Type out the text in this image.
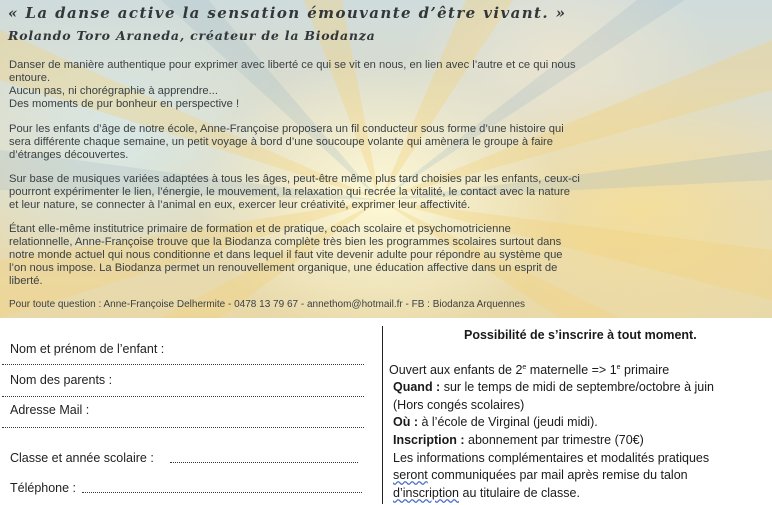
« La danse active la sensation émouvante d’être vivant. »
Rolando Toro Araneda, créateur de la Biodanza
Danser de manière authentique pour exprimer avec liberté ce qui se vit en nous, en lien avec l’autre et ce qui nous
entoure.
Aucun pas, ni chorégraphie à apprendre...
Des moments de pur bonheur en perspective !
Pour les enfants d’âge de notre école, Anne-Françoise proposera un fil conducteur sous forme d’une histoire qui
sera différente chaque semaine, un petit voyage à bord d’une soucoupe volante qui amènera le groupe à faire
d’étranges découvertes.
Sur base de musiques variées adaptées à tous les âges, peut-être même plus tard choisies par les enfants, ceux-ci
pourront expérimenter le lien, l’énergie, le mouvement, la relaxation qui recrée la vitalité, le contact avec la nature
et leur nature, se connecter à l’animal en eux, exercer leur créativité, exprimer leur affectivité.
Étant elle-même institutrice primaire de formation et de pratique, coach scolaire et psychomotricienne
relationnelle, Anne-Françoise trouve que la Biodanza complète très bien les programmes scolaires surtout dans
notre monde actuel qui nous conditionne et dans lequel il faut vite devenir adulte pour répondre au système que
l’on nous impose. La Biodanza permet un renouvellement organique, une éducation affective dans un esprit de
liberté.
Pour toute question : Anne-Françoise Delhermite - 0478 13 79 67 - annethom@hotmail.fr - FB : Biodanza Arquennes
Nom et prénom de l’enfant :
Nom des parents :
Adresse Mail :
Classe et année scolaire :
Téléphone :
Possibilité de s’inscrire à tout moment.
Ouvert aux enfants de 2e maternelle => $1^e$ primaire
Quand : sur le temps de midi de septembre/octobre à juin
(Hors congés scolaires)
Où : à l’école de Virginal (jeudi midi).
Inscription : abonnement par trimestre (70€)
Les informations complémentaires et modalités pratiques
seront communiquées par mail après remise du talon
d’inscription au titulaire de classe.
